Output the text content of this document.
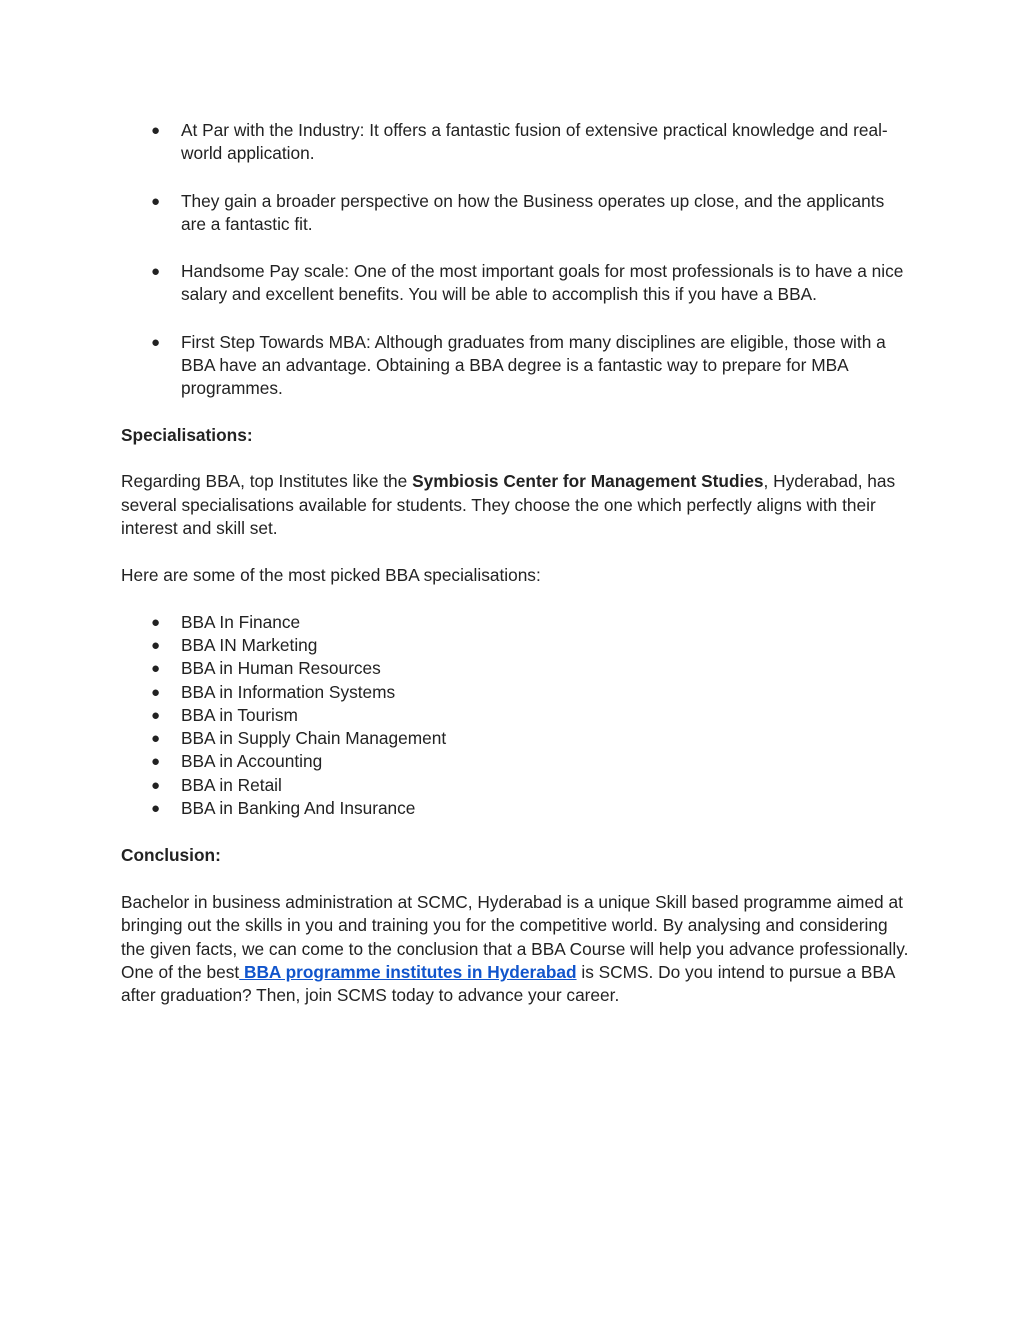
● At Par with the Industry: It offers a fantastic fusion of extensive practical knowledge and real-world application.
● They gain a broader perspective on how the Business operates up close, and the applicants are a fantastic fit.
● Handsome Pay scale: One of the most important goals for most professionals is to have a nice salary and excellent benefits. You will be able to accomplish this if you have a BBA.
● First Step Towards MBA: Although graduates from many disciplines are eligible, those with a BBA have an advantage. Obtaining a BBA degree is a fantastic way to prepare for MBA programmes.

Specialisations:

Regarding BBA, top Institutes like the Symbiosis Center for Management Studies, Hyderabad, has several specialisations available for students. They choose the one which perfectly aligns with their interest and skill set.

Here are some of the most picked BBA specialisations:

● BBA In Finance
● BBA IN Marketing
● BBA in Human Resources
● BBA in Information Systems
● BBA in Tourism
● BBA in Supply Chain Management
● BBA in Accounting
● BBA in Retail
● BBA in Banking And Insurance

Conclusion:

Bachelor in business administration at SCMC, Hyderabad is a unique Skill based programme aimed at bringing out the skills in you and training you for the competitive world. By analysing and considering the given facts, we can come to the conclusion that a BBA Course will help you advance professionally. One of the best BBA programme institutes in Hyderabad is SCMS. Do you intend to pursue a BBA after graduation? Then, join SCMS today to advance your career.
